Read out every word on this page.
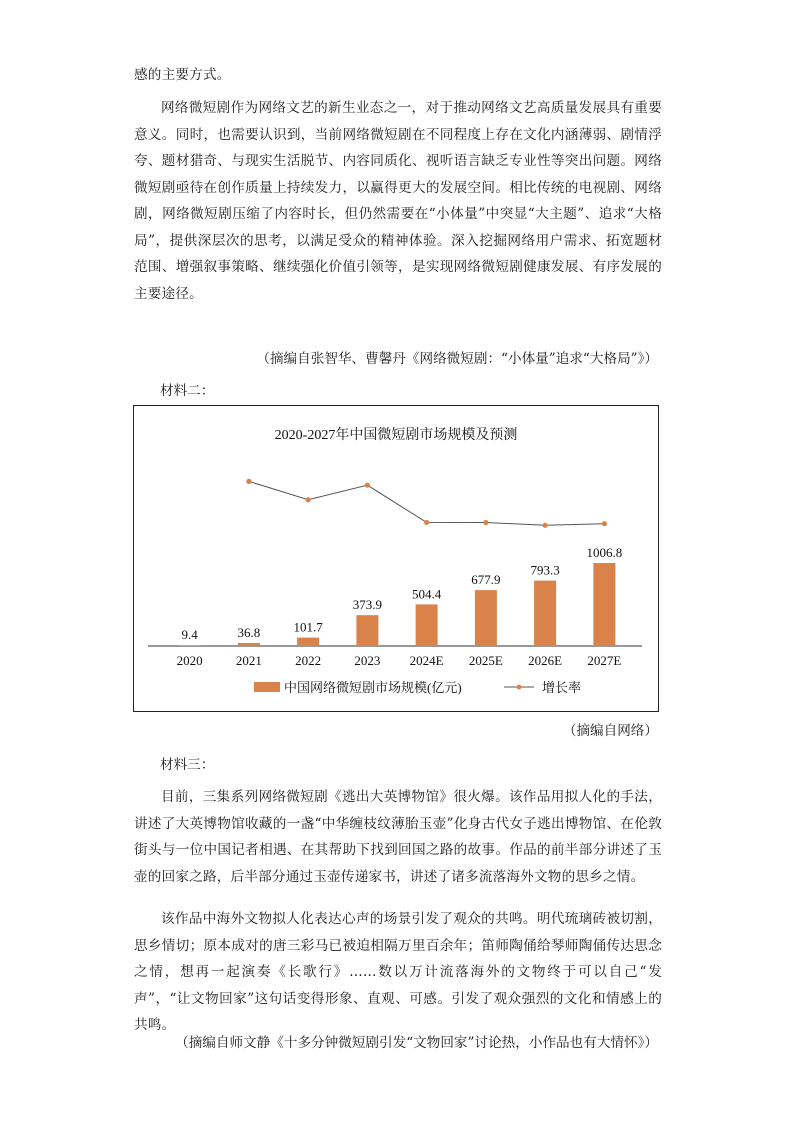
感的主要方式。

网络微短剧作为网络文艺的新生业态之一，对于推动网络文艺高质量发展具有重要意义。同时，也需要认识到，当前网络微短剧在不同程度上存在文化内涵薄弱、剧情浮夸、题材猎奇、与现实生活脱节、内容同质化、视听语言缺乏专业性等突出问题。网络微短剧亟待在创作质量上持续发力，以赢得更大的发展空间。相比传统的电视剧、网络剧，网络微短剧压缩了内容时长，但仍然需要在“小体量”中突显“大主题”、追求“大格局”，提供深层次的思考，以满足受众的精神体验。深入挖掘网络用户需求、拓宽题材范围、增强叙事策略、继续强化价值引领等，是实现网络微短剧健康发展、有序发展的主要途径。

（摘编自张智华、曹馨丹《网络微短剧：“小体量”追求“大格局”》）
材料二：
2020-2027年中国微短剧市场规模及预测
9.4	36.8	101.7
373.9
504.4
677.9
793.3
1006.8
2020	2021	2022	2023 2024E 2025E 2026E 2027E
中国网络微短剧市场规模(亿元)	增长率
（摘编自网络）
材料三：

目前，三集系列网络微短剧《逃出大英博物馆》很火爆。该作品用拟人化的手法，讲述了大英博物馆收藏的一盏“中华缠枝纹薄胎玉壶”化身古代女子逃出博物馆、在伦敦街头与一位中国记者相遇、在其帮助下找到回国之路的故事。作品的前半部分讲述了玉壶的回家之路，后半部分通过玉壶传递家书，讲述了诸多流落海外文物的思乡之情。

该作品中海外文物拟人化表达心声的场景引发了观众的共鸣。明代琉璃砖被切割，思乡情切；原本成对的唐三彩马已被迫相隔万里百余年；笛师陶俑给琴师陶俑传达思念之情，想再一起演奏《长歌行》……数以万计流落海外的文物终于可以自己“发声”，“让文物回家”这句话变得形象、直观、可感。引发了观众强烈的文化和情感上的共鸣。

（摘编自师文静《十多分钟微短剧引发“文物回家”讨论热，小作品也有大情怀》）
